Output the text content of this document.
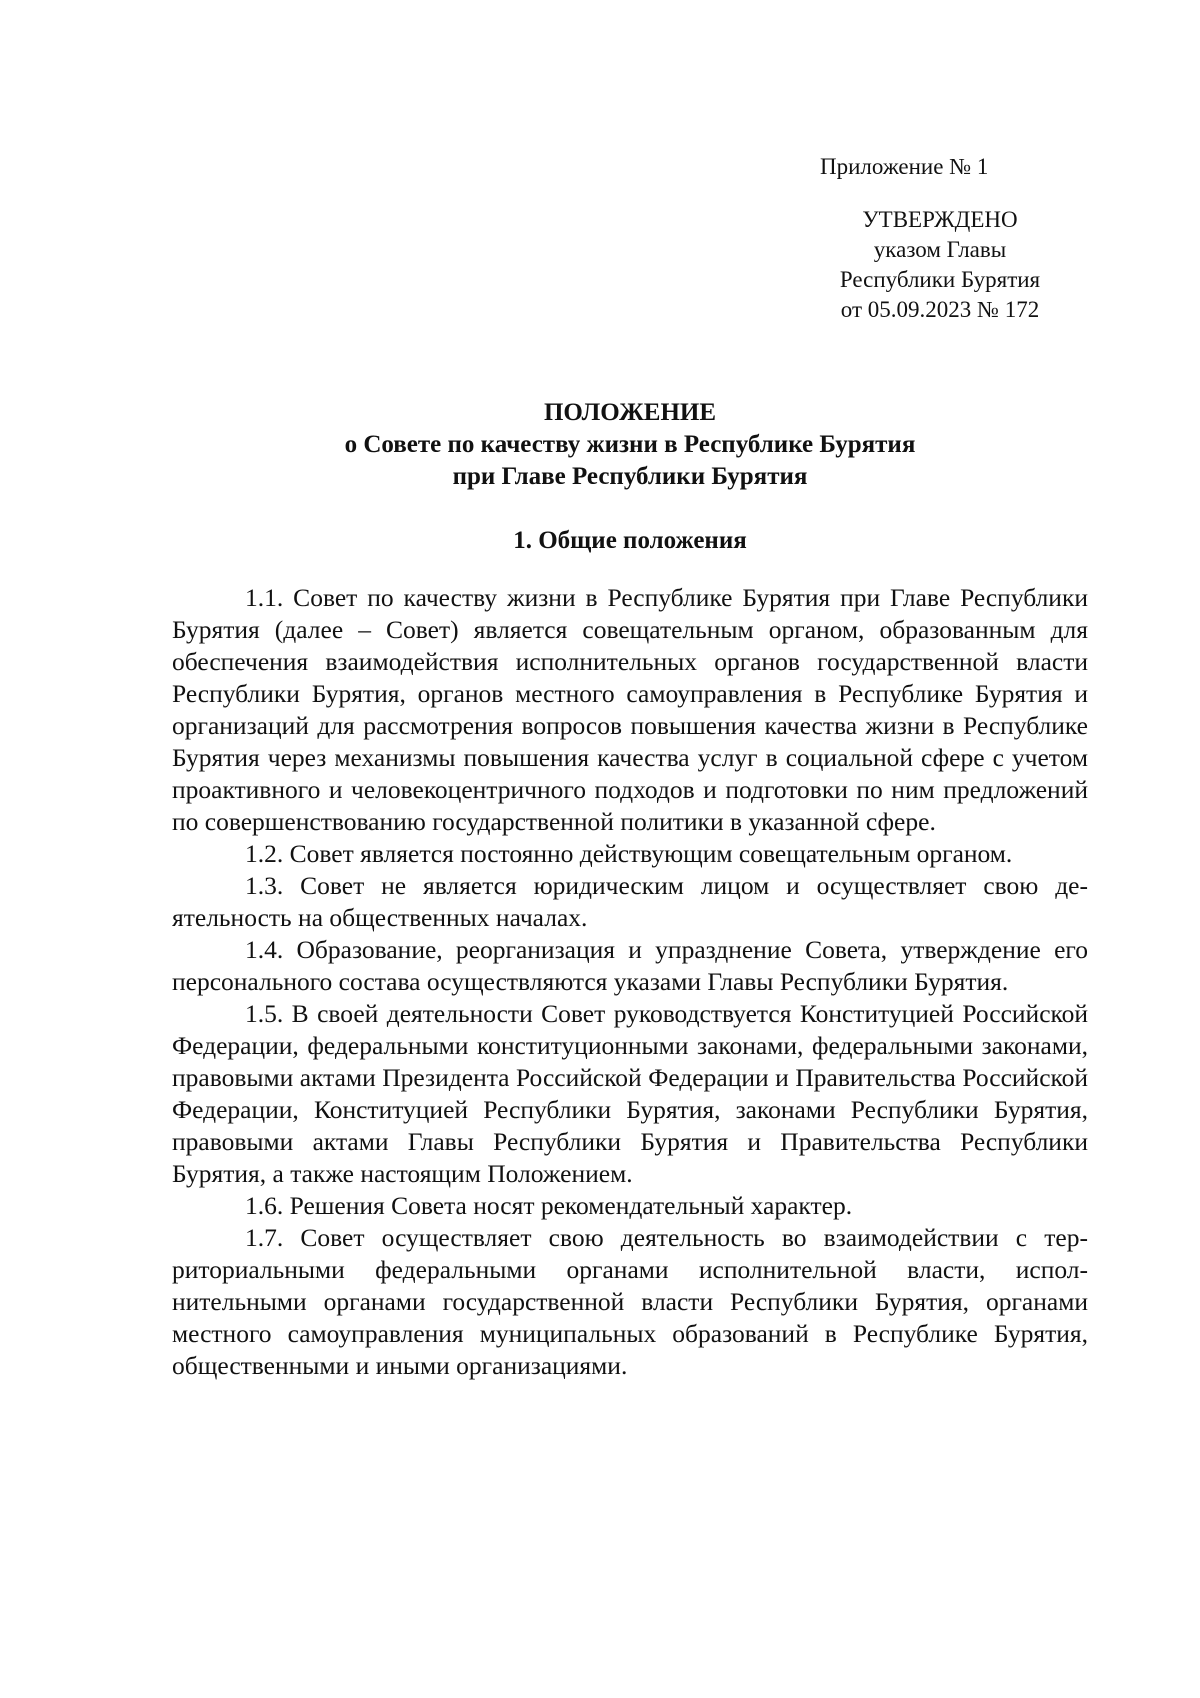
Приложение № 1
УТВЕРЖДЕНО
указом Главы
Республики Бурятия
от 05.09.2023 № 172
ПОЛОЖЕНИЕ
о Совете по качеству жизни в Республике Бурятия
при Главе Республики Бурятия
1. Общие положения

1.1. Совет по качеству жизни в Республике Бурятия при Главе Республики Бурятия (далее – Совет) является совещательным органом, образованным для обеспечения взаимодействия исполнительных органов государственной власти Республики Бурятия, органов местного самоуправления в Республике Бурятия и организаций для рассмотрения вопросов повышения качества жизни в Республике Бурятия через механизмы повышения качества услуг в социальной сфере с учетом проактивного и человекоцентричного подходов и подготовки по ним предложений по совершенствованию государственной политики в указанной сфере.

1.2. Совет является постоянно действующим совещательным органом.

1.3. Совет не является юридическим лицом и осуществляет свою деятельность на общественных началах.

1.4. Образование, реорганизация и упразднение Совета, утверждение его персонального состава осуществляются указами Главы Республики Бурятия.

1.5. В своей деятельности Совет руководствуется Конституцией Российской Федерации, федеральными конституционными законами, федеральными законами, правовыми актами Президента Российской Федерации и Правительства Российской Федерации, Конституцией Республики Бурятия, законами Республики Бурятия, правовыми актами Главы Республики Бурятия и Правительства Республики Бурятия, а также настоящим Положением.

1.6. Решения Совета носят рекомендательный характер.

1.7. Совет осуществляет свою деятельность во взаимодействии с территориальными федеральными органами исполнительной власти, исполнительными органами государственной власти Республики Бурятия, органами местного самоуправления муниципальных образований в Республике Бурятия, общественными и иными организациями.
